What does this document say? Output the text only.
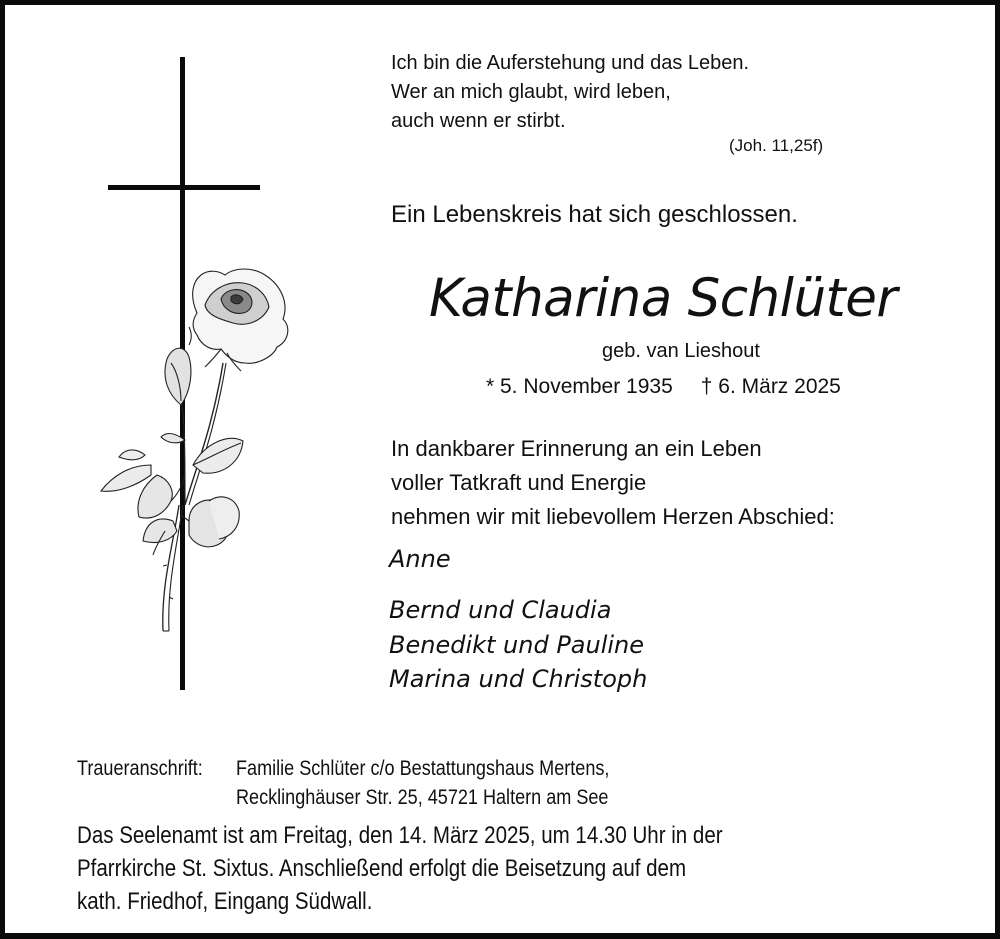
Ich bin die Auferstehung und das Leben.
Wer an mich glaubt, wird leben,
auch wenn er stirbt.
(Joh. 11,25f)
Ein Lebenskreis hat sich geschlossen.
Katharina Schlüter
geb. van Lieshout
* 5. November 1935 † 6. März 2025
In dankbarer Erinnerung an ein Leben
voller Tatkraft und Energie
nehmen wir mit liebevollem Herzen Abschied:
Anne
Bernd und Claudia
Benedikt und Pauline
Marina und Christoph
Traueranschrift: Familie Schlüter c/o Bestattungshaus Mertens,
Recklinghäuser Str. 25, 45721 Haltern am See
Das Seelenamt ist am Freitag, den 14. März 2025, um 14.30 Uhr in der
Pfarrkirche St. Sixtus. Anschließend erfolgt die Beisetzung auf dem
kath. Friedhof, Eingang Südwall.
